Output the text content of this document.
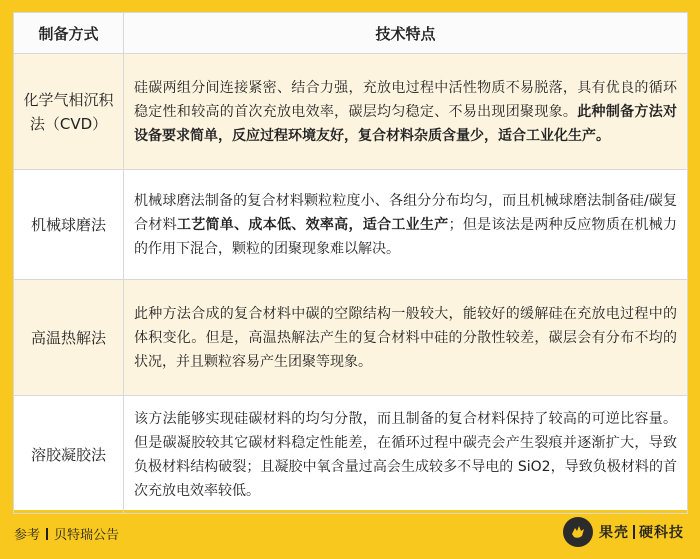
制备方式	技术特点
化学气相沉积法（CVD）	硅碳两组分间连接紧密、结合力强，充放电过程中活性物质不易脱落，具有优良的循环稳定性和较高的首次充放电效率，碳层均匀稳定、不易出现团聚现象。此种制备方法对设备要求简单，反应过程环境友好，复合材料杂质含量少，适合工业化生产。
机械球磨法	机械球磨法制备的复合材料颗粒粒度小、各组分分布均匀，而且机械球磨法制备硅/碳复合材料工艺简单、成本低、效率高，适合工业生产；但是该法是两种反应物质在机械力的作用下混合，颗粒的团聚现象难以解决。
高温热解法	此种方法合成的复合材料中碳的空隙结构一般较大，能较好的缓解硅在充放电过程中的体积变化。但是，高温热解法产生的复合材料中硅的分散性较差，碳层会有分布不均的状况，并且颗粒容易产生团聚等现象。
溶胶凝胶法	该方法能够实现硅碳材料的均匀分散，而且制备的复合材料保持了较高的可逆比容量。但是碳凝胶较其它碳材料稳定性能差，在循环过程中碳壳会产生裂痕并逐渐扩大，导致负极材料结构破裂；且凝胶中氧含量过高会生成较多不导电的 SiO2，导致负极材料的首次充放电效率较低。
参考 贝特瑞公告	果壳 硬科技
